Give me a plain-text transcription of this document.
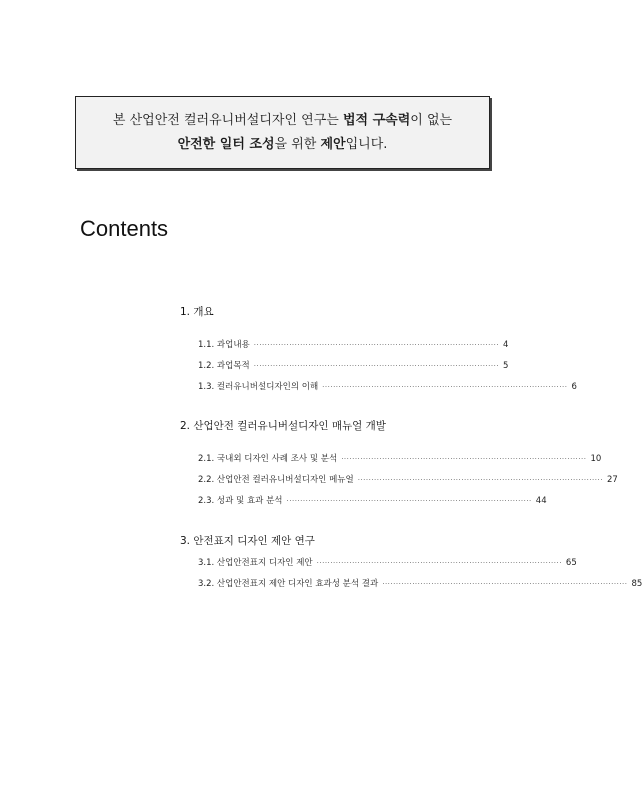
본 산업안전 컬러유니버설디자인 연구는 법적 구속력이 없는
안전한 일터 조성을 위한 제안입니다.
Contents
1. 개요
1.1. 과업내용 ·························································································· 4
1.2. 과업목적 ·························································································· 5
1.3. 컬러유니버설디자인의 이해 ·························································································· 6
2. 산업안전 컬러유니버설디자인 매뉴얼 개발
2.1. 국내외 디자인 사례 조사 및 분석 ·························································································· 10
2.2. 산업안전 컬러유니버설디자인 메뉴얼 ·························································································· 27
2.3. 성과 및 효과 분석 ·························································································· 44
3. 안전표지 디자인 제안 연구
3.1. 산업안전표지 디자인 제안 ·························································································· 65
3.2. 산업안전표지 제안 디자인 효과성 분석 결과 ·························································································· 85
